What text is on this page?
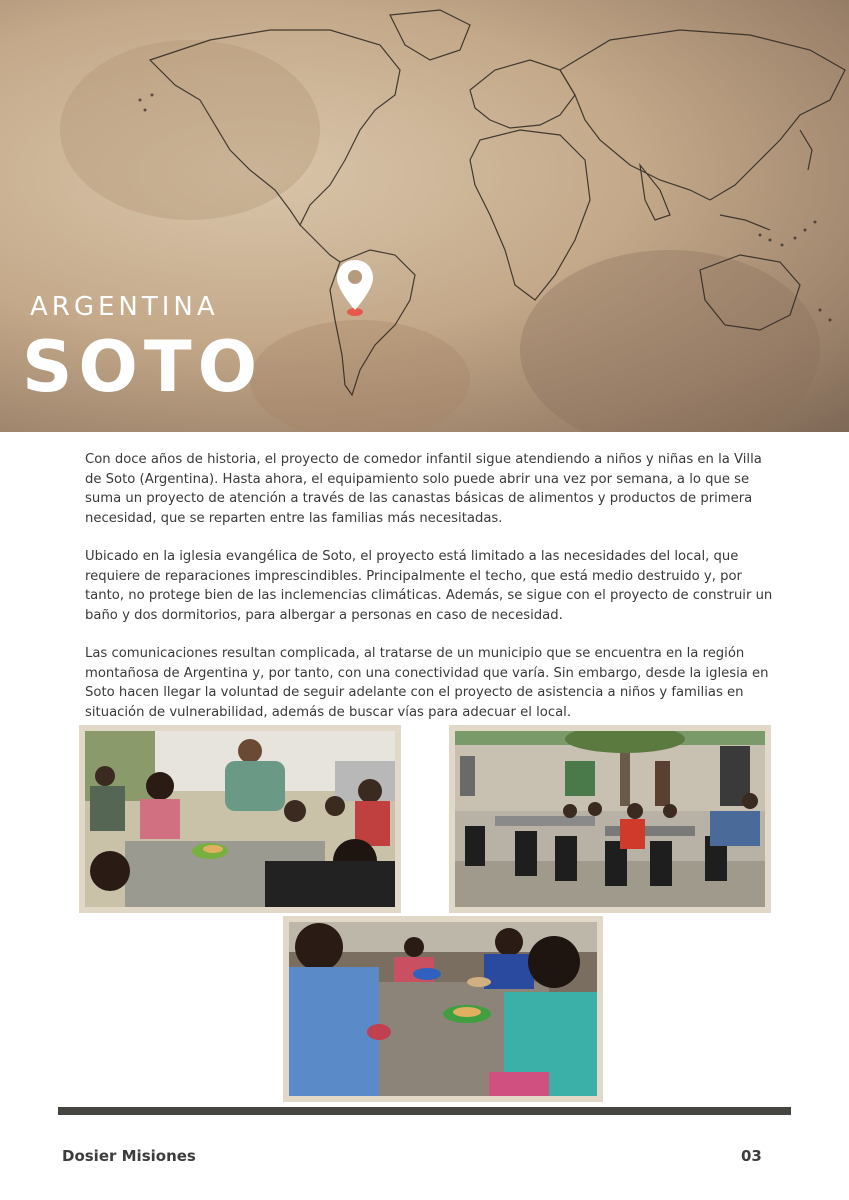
ARGENTINA
SOTO

Con doce años de historia, el proyecto de comedor infantil sigue atendiendo a niños y niñas en la Villa de Soto (Argentina). Hasta ahora, el equipamiento solo puede abrir una vez por semana, a lo que se suma un proyecto de atención a través de las canastas básicas de alimentos y productos de primera necesidad, que se reparten entre las familias más necesitadas.

Ubicado en la iglesia evangélica de Soto, el proyecto está limitado a las necesidades del local, que requiere de reparaciones imprescindibles. Principalmente el techo, que está medio destruido y, por tanto, no protege bien de las inclemencias climáticas. Además, se sigue con el proyecto de construir un baño y dos dormitorios, para albergar a personas en caso de necesidad.

Las comunicaciones resultan complicada, al tratarse de un municipio que se encuentra en la región montañosa de Argentina y, por tanto, con una conectividad que varía. Sin embargo, desde la iglesia en Soto hacen llegar la voluntad de seguir adelante con el proyecto de asistencia a niños y familias en situación de vulnerabilidad, además de buscar vías para adecuar el local.

Dosier Misiones	03
